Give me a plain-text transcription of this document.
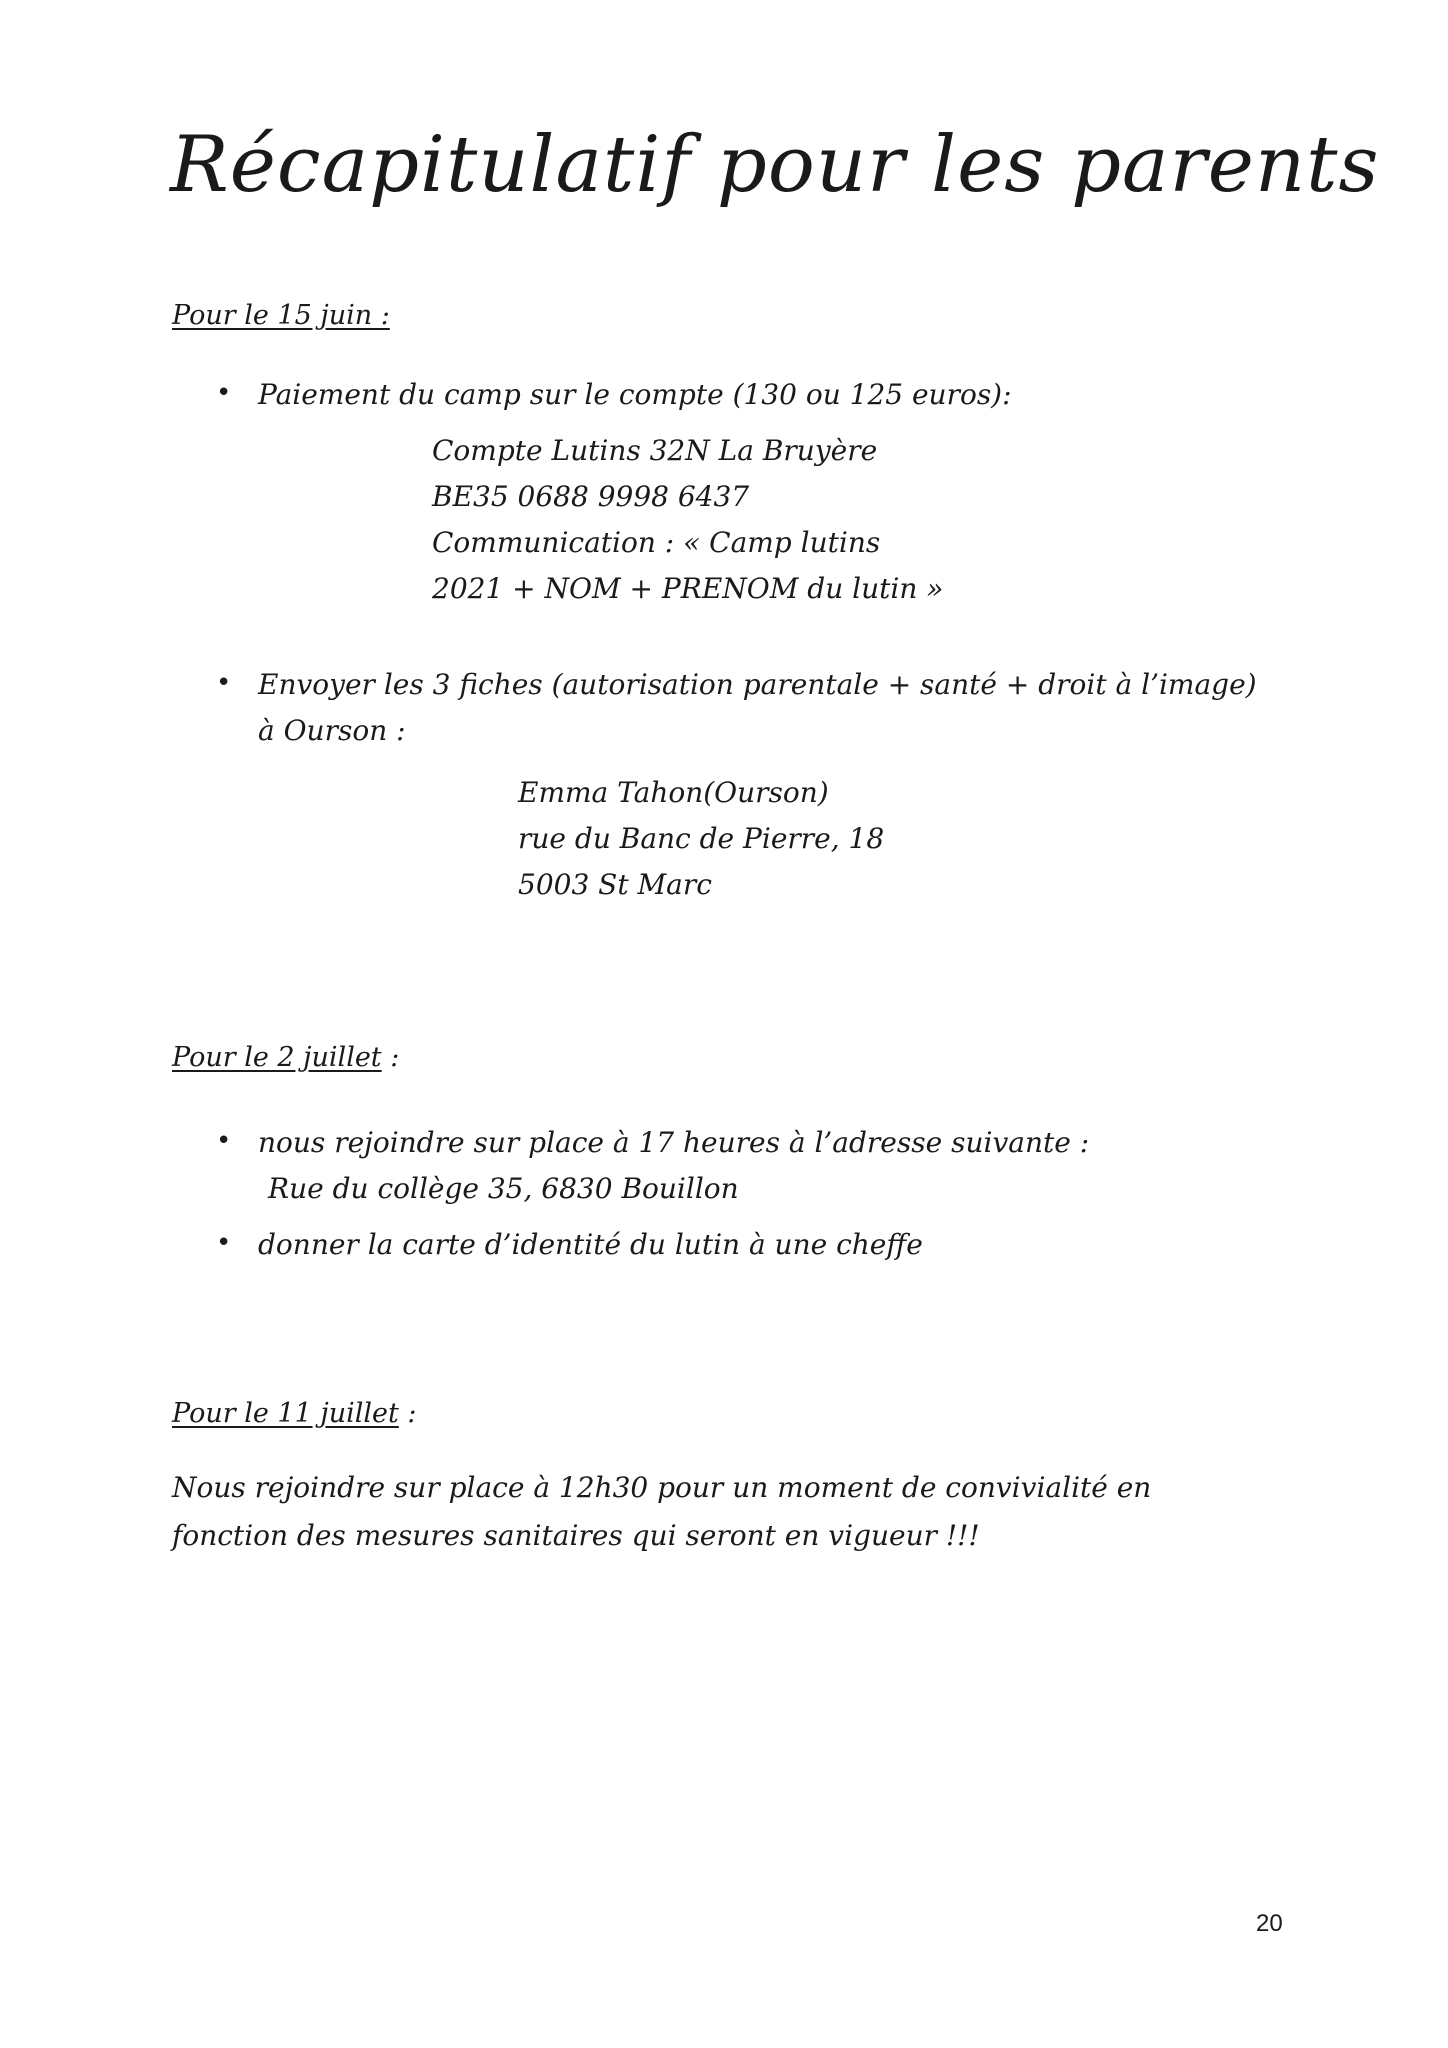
Récapitulatif pour les parents
Pour le 15 juin :
• Paiement du camp sur le compte (130 ou 125 euros):
Compte Lutins 32N La Bruyère
BE35 0688 9998 6437
Communication : « Camp lutins
2021 + NOM + PRENOM du lutin »
• Envoyer les 3 fiches (autorisation parentale + santé + droit à l’image)
à Ourson :
Emma Tahon(Ourson)
rue du Banc de Pierre, 18
5003 St Marc
Pour le 2 juillet :
• nous rejoindre sur place à 17 heures à l’adresse suivante :
Rue du collège 35, 6830 Bouillon
• donner la carte d’identité du lutin à une cheffe
Pour le 11 juillet :
Nous rejoindre sur place à 12h30 pour un moment de convivialité en
fonction des mesures sanitaires qui seront en vigueur !!!
20
